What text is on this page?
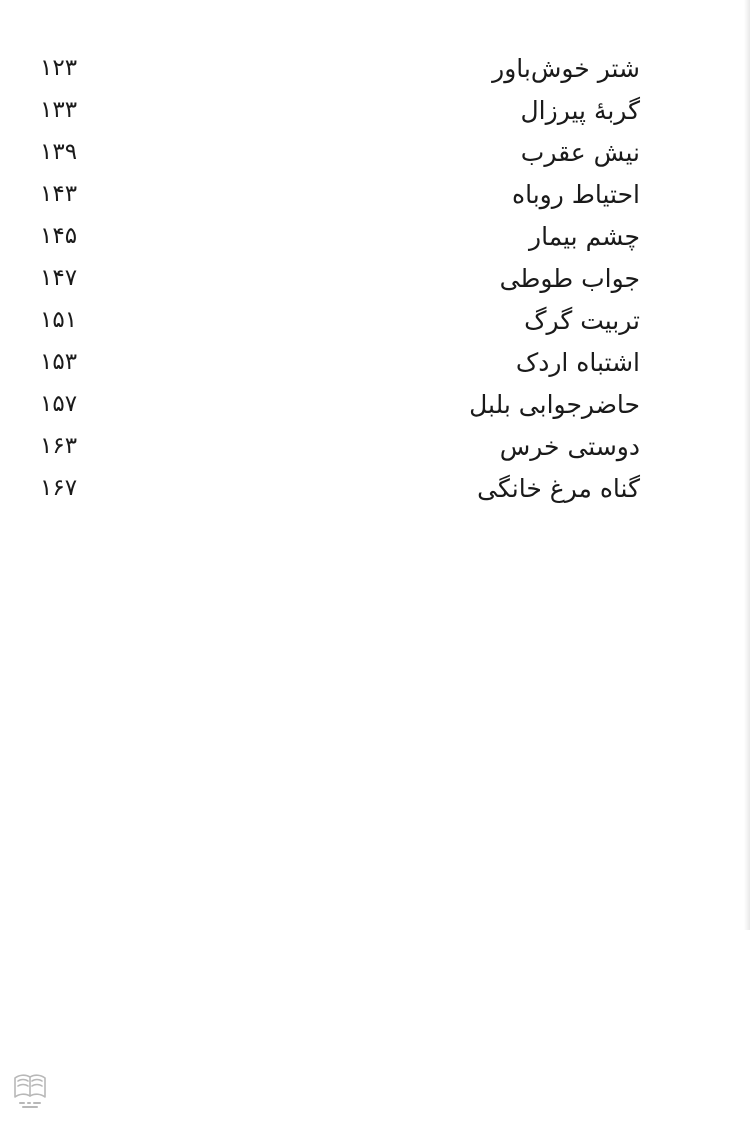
شتر خوش‌باور
۱۲۳
گربهٔ پیرزال
۱۳۳
نیش عقرب
۱۳۹
احتیاط روباه
۱۴۳
چشم بیمار
۱۴۵
جواب طوطی
۱۴۷
تربیت گرگ
۱۵۱
اشتباه اردک
۱۵۳
حاضرجوابی بلبل
۱۵۷
دوستی خرس
۱۶۳
گناه مرغ خانگی
۱۶۷
